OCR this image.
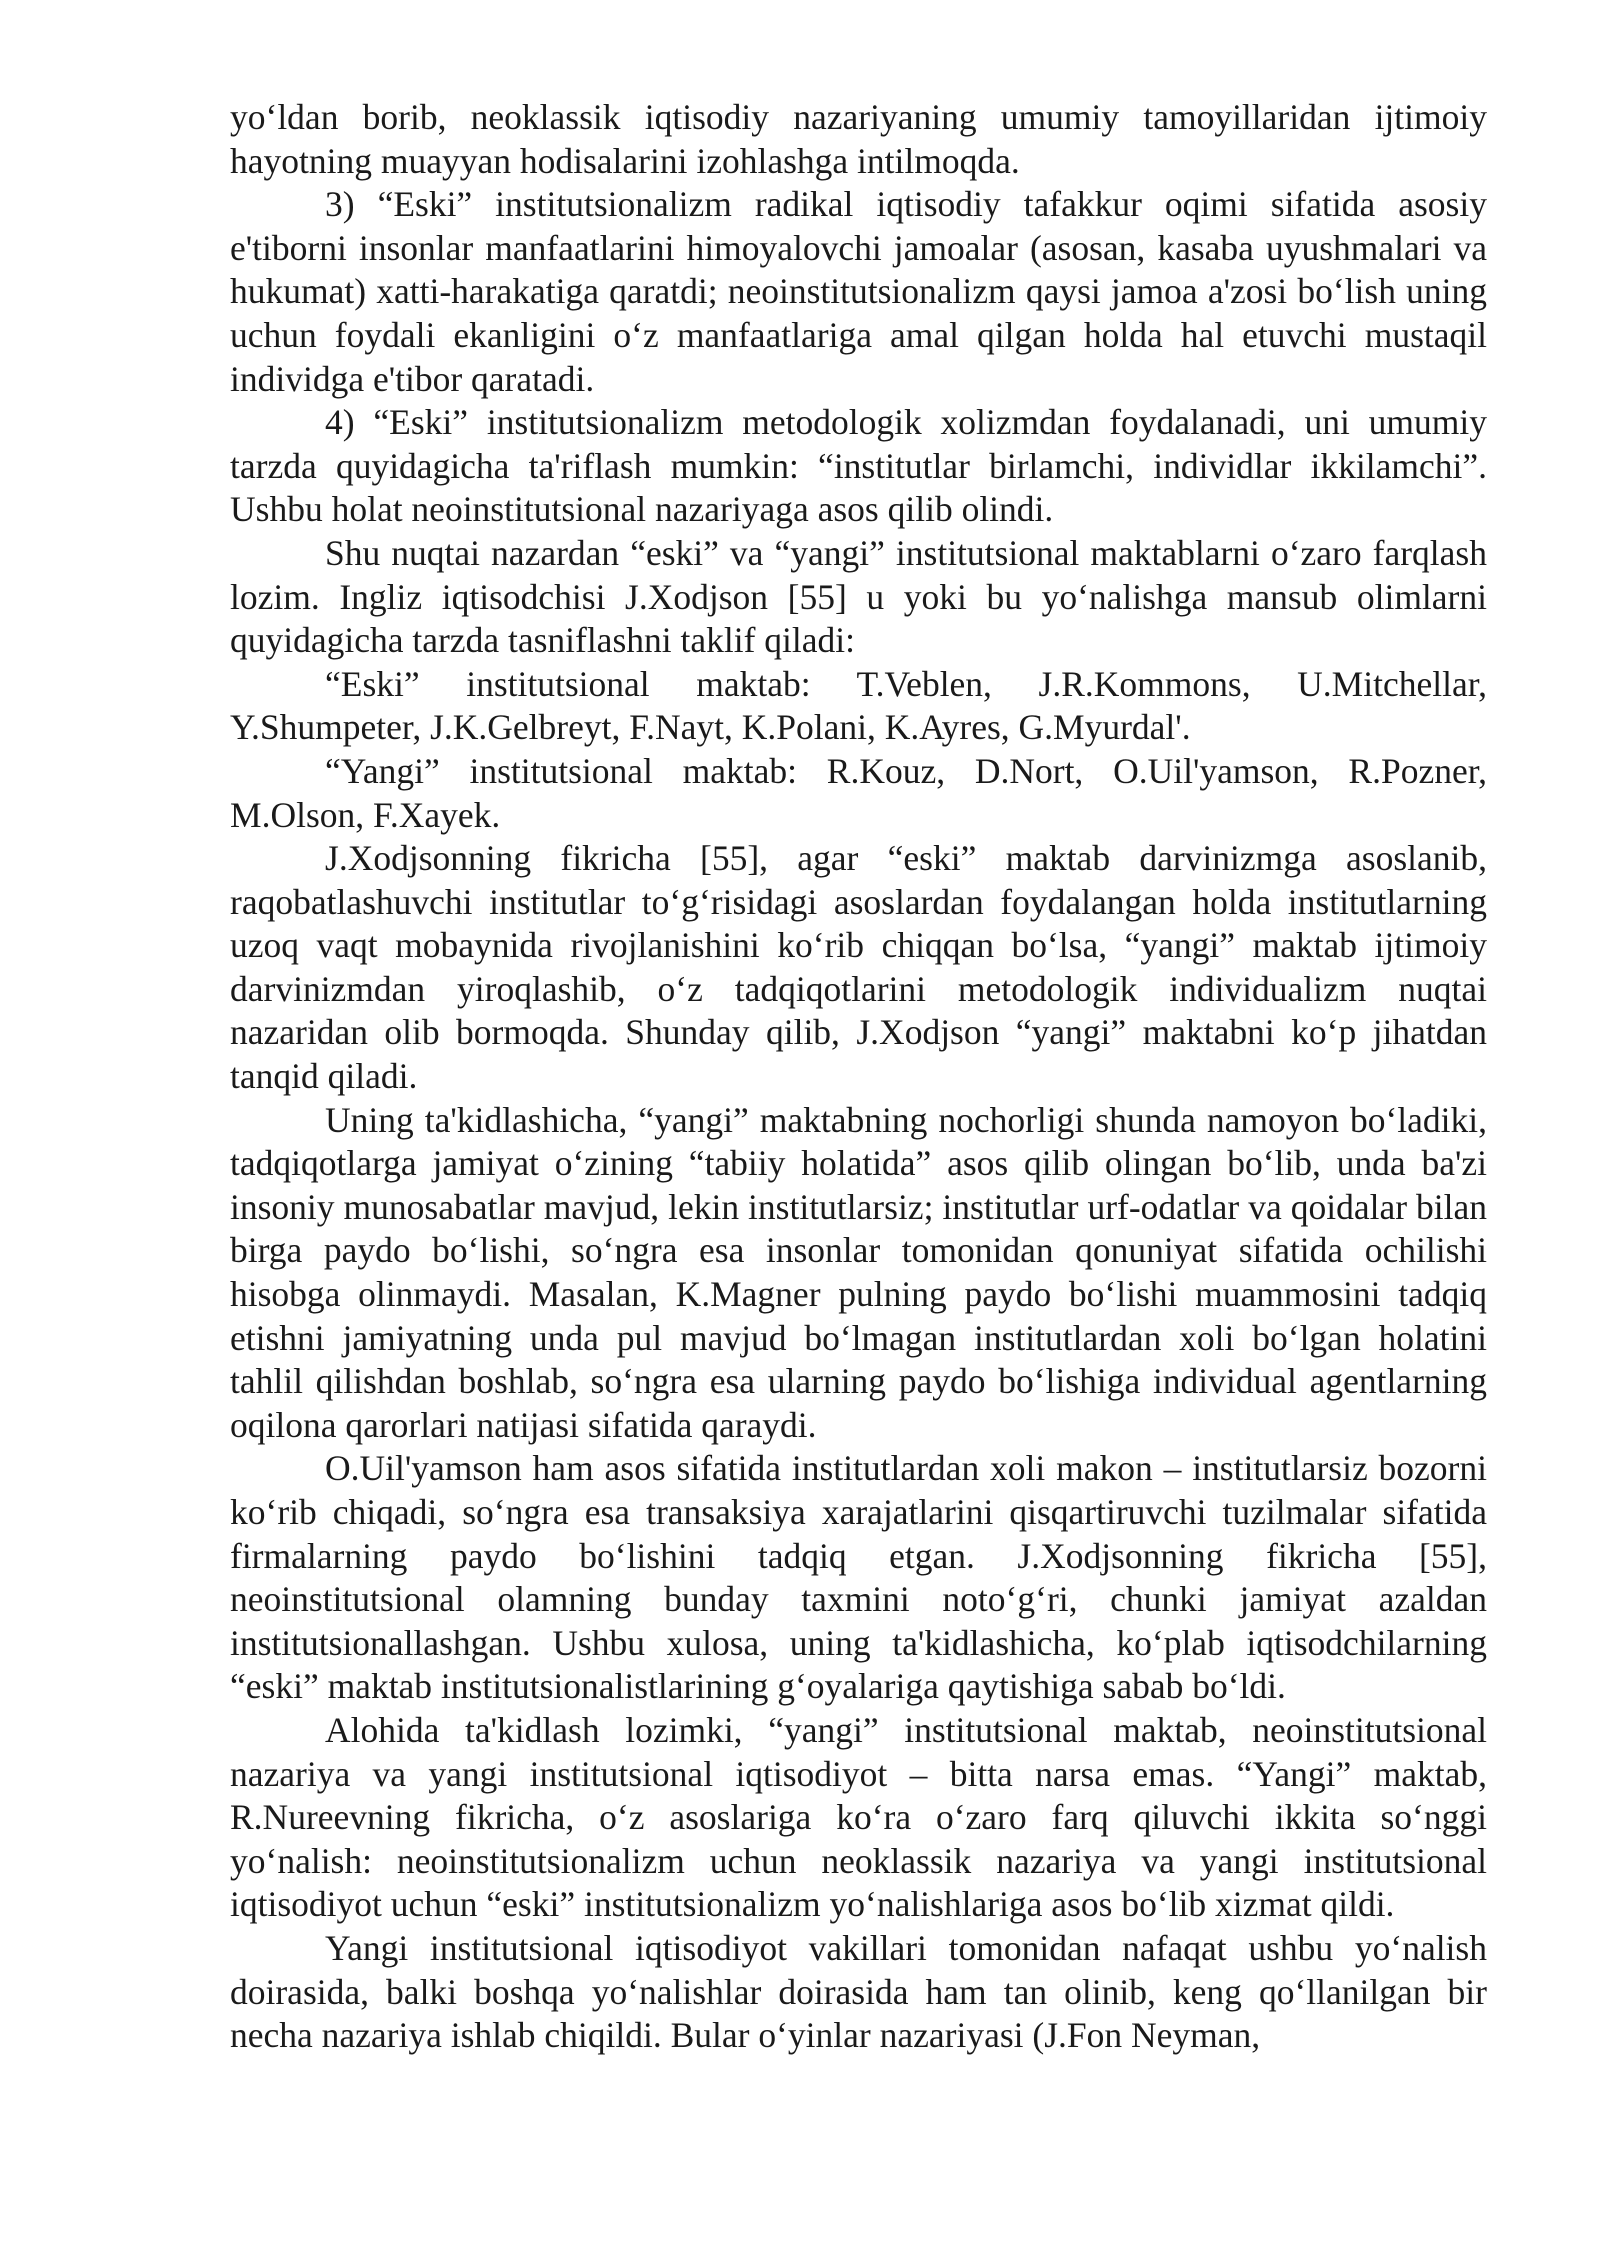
yo‘ldan borib, neoklassik iqtisodiy nazariyaning umumiy tamoyillaridan ijtimoiy hayotning muayyan hodisalarini izohlashga intilmoqda.

3) “Eski” institutsionalizm radikal iqtisodiy tafakkur oqimi sifatida asosiy e'tiborni insonlar manfaatlarini himoyalovchi jamoalar (asosan, kasaba uyushmalari va hukumat) xatti-harakatiga qaratdi; neoinstitutsionalizm qaysi jamoa a'zosi bo‘lish uning uchun foydali ekanligini o‘z manfaatlariga amal qilgan holda hal etuvchi mustaqil individga e'tibor qaratadi.

4) “Eski” institutsionalizm metodologik xolizmdan foydalanadi, uni umumiy tarzda quyidagicha ta'riflash mumkin: “institutlar birlamchi, individlar ikkilamchi”. Ushbu holat neoinstitutsional nazariyaga asos qilib olindi.

Shu nuqtai nazardan “eski” va “yangi” institutsional maktablarni o‘zaro farqlash lozim. Ingliz iqtisodchisi J.Xodjson [55] u yoki bu yo‘nalishga mansub olimlarni quyidagicha tarzda tasniflashni taklif qiladi:

“Eski” institutsional maktab: T.Veblen, J.R.Kommons, U.Mitchellar, Y.Shumpeter, J.K.Gelbreyt, F.Nayt, K.Polani, K.Ayres, G.Myurdal'.

“Yangi” institutsional maktab: R.Kouz, D.Nort, O.Uil'yamson, R.Pozner, M.Olson, F.Xayek.

J.Xodjsonning fikricha [55], agar “eski” maktab darvinizmga asoslanib, raqobatlashuvchi institutlar to‘g‘risidagi asoslardan foydalangan holda institutlarning uzoq vaqt mobaynida rivojlanishini ko‘rib chiqqan bo‘lsa, “yangi” maktab ijtimoiy darvinizmdan yiroqlashib, o‘z tadqiqotlarini metodologik individualizm nuqtai nazaridan olib bormoqda. Shunday qilib, J.Xodjson “yangi” maktabni ko‘p jihatdan tanqid qiladi.

Uning ta'kidlashicha, “yangi” maktabning nochorligi shunda namoyon bo‘ladiki, tadqiqotlarga jamiyat o‘zining “tabiiy holatida” asos qilib olingan bo‘lib, unda ba'zi insoniy munosabatlar mavjud, lekin institutlarsiz; institutlar urf-odatlar va qoidalar bilan birga paydo bo‘lishi, so‘ngra esa insonlar tomonidan qonuniyat sifatida ochilishi hisobga olinmaydi. Masalan, K.Magner pulning paydo bo‘lishi muammosini tadqiq etishni jamiyatning unda pul mavjud bo‘lmagan institutlardan xoli bo‘lgan holatini tahlil qilishdan boshlab, so‘ngra esa ularning paydo bo‘lishiga individual agentlarning oqilona qarorlari natijasi sifatida qaraydi.

O.Uil'yamson ham asos sifatida institutlardan xoli makon – institutlarsiz bozorni ko‘rib chiqadi, so‘ngra esa transaksiya xarajatlarini qisqartiruvchi tuzilmalar sifatida firmalarning paydo bo‘lishini tadqiq etgan. J.Xodjsonning fikricha [55], neoinstitutsional olamning bunday taxmini noto‘g‘ri, chunki jamiyat azaldan institutsionallashgan. Ushbu xulosa, uning ta'kidlashicha, ko‘plab iqtisodchilarning “eski” maktab institutsionalistlarining g‘oyalariga qaytishiga sabab bo‘ldi.

Alohida ta'kidlash lozimki, “yangi” institutsional maktab, neoinstitutsional nazariya va yangi institutsional iqtisodiyot – bitta narsa emas. “Yangi” maktab, R.Nureevning fikricha, o‘z asoslariga ko‘ra o‘zaro farq qiluvchi ikkita so‘nggi yo‘nalish: neoinstitutsionalizm uchun neoklassik nazariya va yangi institutsional iqtisodiyot uchun “eski” institutsionalizm yo‘nalishlariga asos bo‘lib xizmat qildi.

Yangi institutsional iqtisodiyot vakillari tomonidan nafaqat ushbu yo‘nalish doirasida, balki boshqa yo‘nalishlar doirasida ham tan olinib, keng qo‘llanilgan bir necha nazariya ishlab chiqildi. Bular o‘yinlar nazariyasi (J.Fon Neyman,
